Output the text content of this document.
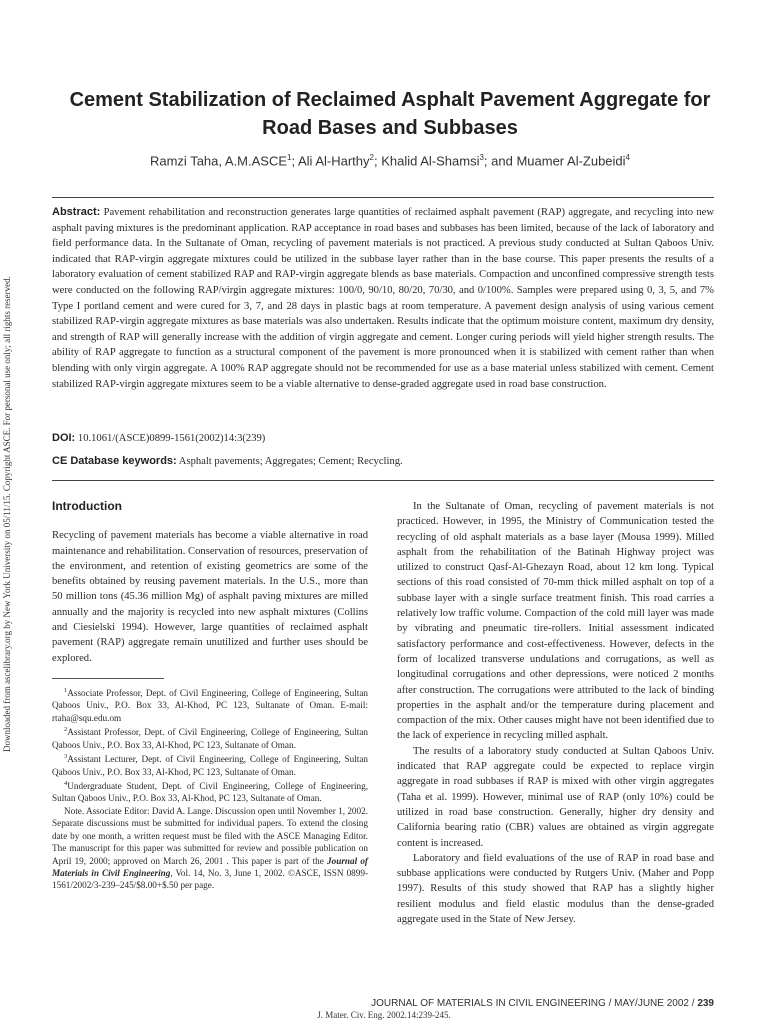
Downloaded from ascelibrary.org by New York University on 05/11/15. Copyright ASCE. For personal use only; all rights reserved.
Cement Stabilization of Reclaimed Asphalt Pavement Aggregate for Road Bases and Subbases
Ramzi Taha, A.M.ASCE$^1$; Ali Al-Harthy$^2$; Khalid Al-Shamsi$^3$; and Muamer Al-Zubeidi$^4$
Abstract: Pavement rehabilitation and reconstruction generates large quantities of reclaimed asphalt pavement (RAP) aggregate, and recycling into new asphalt paving mixtures is the predominant application. RAP acceptance in road bases and subbases has been limited, because of the lack of laboratory and field performance data. In the Sultanate of Oman, recycling of pavement materials is not practiced. A previous study conducted at Sultan Qaboos Univ. indicated that RAP-virgin aggregate mixtures could be utilized in the subbase layer rather than in the base course. This paper presents the results of a laboratory evaluation of cement stabilized RAP and RAP-virgin aggregate blends as base materials. Compaction and unconfined compressive strength tests were conducted on the following RAP/virgin aggregate mixtures: 100/0, 90/10, 80/20, 70/30, and 0/100%. Samples were prepared using 0, 3, 5, and 7% Type I portland cement and were cured for 3, 7, and 28 days in plastic bags at room temperature. A pavement design analysis of using various cement stabilized RAP-virgin aggregate mixtures as base materials was also undertaken. Results indicate that the optimum moisture content, maximum dry density, and strength of RAP will generally increase with the addition of virgin aggregate and cement. Longer curing periods will yield higher strength results. The ability of RAP aggregate to function as a structural component of the pavement is more pronounced when it is stabilized with cement rather than when blending with only virgin aggregate. A 100% RAP aggregate should not be recommended for use as a base material unless stabilized with cement. Cement stabilized RAP-virgin aggregate mixtures seem to be a viable alternative to dense-graded aggregate used in road base construction.
DOI: 10.1061/(ASCE)0899-1561(2002)14:3(239)
CE Database keywords: Asphalt pavements; Aggregates; Cement; Recycling.
Introduction

Recycling of pavement materials has become a viable alternative in road maintenance and rehabilitation. Conservation of resources, preservation of the environment, and retention of existing geometrics are some of the benefits obtained by reusing pavement materials. In the U.S., more than 50 million tons (45.36 million Mg) of asphalt paving mixtures are milled annually and the majority is recycled into new asphalt mixtures (Collins and Ciesielski 1994). However, large quantities of reclaimed asphalt pavement (RAP) aggregate remain unutilized and further uses should be explored.

$^1$Associate Professor, Dept. of Civil Engineering, College of Engineering, Sultan Qaboos Univ., P.O. Box 33, Al-Khod, PC 123, Sultanate of Oman. E-mail: rtaha@squ.edu.om

$^2$Assistant Professor, Dept. of Civil Engineering, College of Engineering, Sultan Qaboos Univ., P.O. Box 33, Al-Khod, PC 123, Sultanate of Oman.

$^3$Assistant Lecturer, Dept. of Civil Engineering, College of Engineering, Sultan Qaboos Univ., P.O. Box 33, Al-Khod, PC 123, Sultanate of Oman.

$^4$Undergraduate Student, Dept. of Civil Engineering, College of Engineering, Sultan Qaboos Univ., P.O. Box 33, Al-Khod, PC 123, Sultanate of Oman.

Note. Associate Editor: David A. Lange. Discussion open until November 1, 2002. Separate discussions must be submitted for individual papers. To extend the closing date by one month, a written request must be filed with the ASCE Managing Editor. The manuscript for this paper was submitted for review and possible publication on April 19, 2000; approved on March 26, 2001 . This paper is part of the Journal of Materials in Civil Engineering, Vol. 14, No. 3, June 1, 2002. ©ASCE, ISSN 0899-1561/2002/3-239–245/$8.00+$.50 per page.

In the Sultanate of Oman, recycling of pavement materials is not practiced. However, in 1995, the Ministry of Communication tested the recycling of old asphalt materials as a base layer (Mousa 1999). Milled asphalt from the rehabilitation of the Batinah Highway project was utilized to construct Qasf-Al-Ghezayn Road, about 12 km long. Typical sections of this road consisted of 70-mm thick milled asphalt on top of a subbase layer with a single surface treatment finish. This road carries a relatively low traffic volume. Compaction of the cold mill layer was made by vibrating and pneumatic tire-rollers. Initial assessment indicated satisfactory performance and cost-effectiveness. However, defects in the form of localized transverse undulations and corrugations, as well as longitudinal corrugations and other depressions, were noticed 2 months after construction. The corrugations were attributed to the lack of binding properties in the asphalt and/or the temperature during placement and compaction of the mix. Other causes might have not been identified due to the lack of experience in recycling milled asphalt.

The results of a laboratory study conducted at Sultan Qaboos Univ. indicated that RAP aggregate could be expected to replace virgin aggregate in road subbases if RAP is mixed with other virgin aggregates (Taha et al. 1999). However, minimal use of RAP (only 10%) could be utilized in road base construction. Generally, higher dry density and California bearing ratio (CBR) values are obtained as virgin aggregate content is increased.

Laboratory and field evaluations of the use of RAP in road base and subbase applications were conducted by Rutgers Univ. (Maher and Popp 1997). Results of this study showed that RAP has a slightly higher resilient modulus and field elastic modulus than the dense-graded aggregate used in the State of New Jersey.

JOURNAL OF MATERIALS IN CIVIL ENGINEERING / MAY/JUNE 2002 / 239
J. Mater. Civ. Eng. 2002.14:239-245.
